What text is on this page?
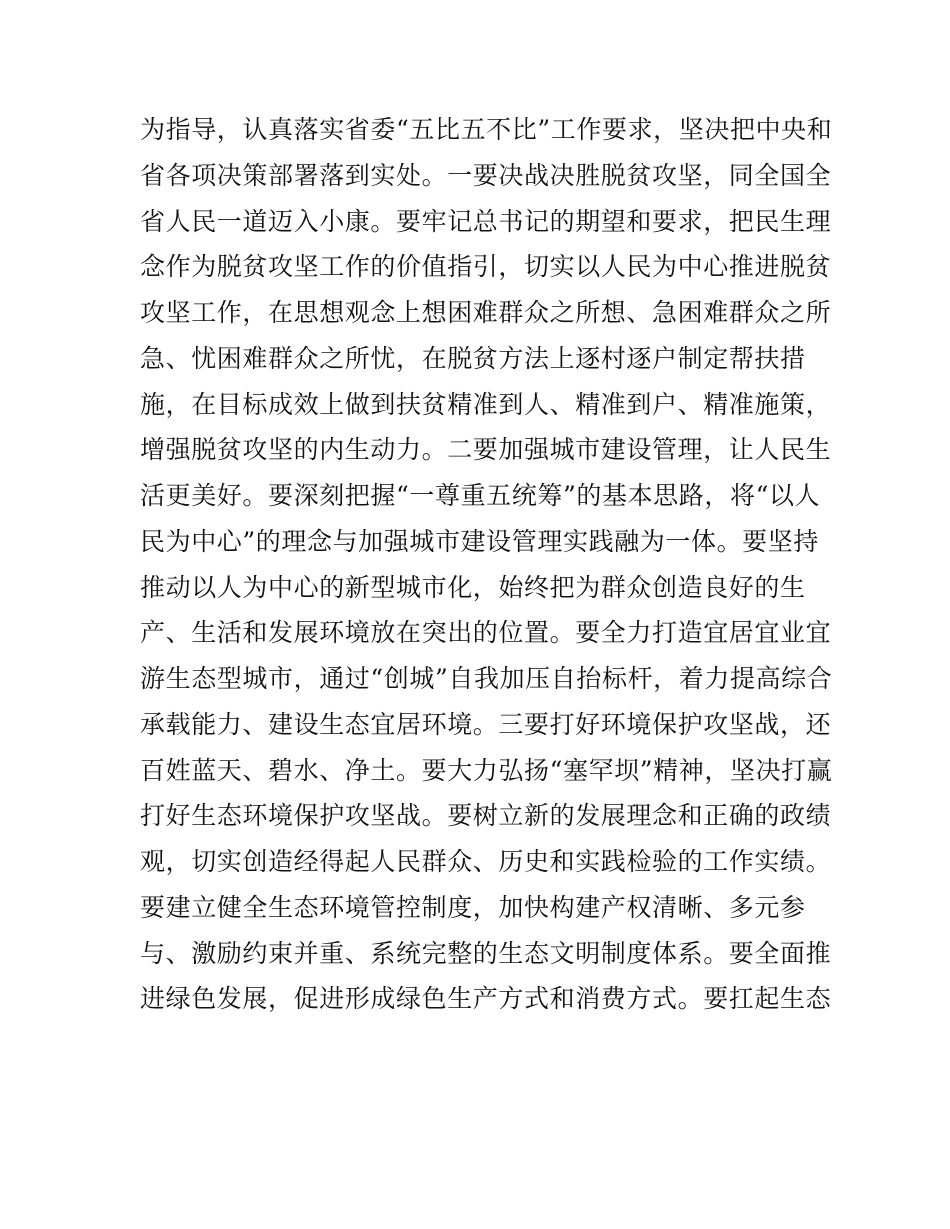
为指导，认真落实省委“五比五不比”工作要求，坚决把中央和
省各项决策部署落到实处。一要决战决胜脱贫攻坚，同全国全
省人民一道迈入小康。要牢记总书记的期望和要求，把民生理
念作为脱贫攻坚工作的价值指引，切实以人民为中心推进脱贫
攻坚工作，在思想观念上想困难群众之所想、急困难群众之所
急、忧困难群众之所忧，在脱贫方法上逐村逐户制定帮扶措
施，在目标成效上做到扶贫精准到人、精准到户、精准施策，
增强脱贫攻坚的内生动力。二要加强城市建设管理，让人民生
活更美好。要深刻把握“一尊重五统筹”的基本思路，将“以人
民为中心”的理念与加强城市建设管理实践融为一体。要坚持
推动以人为中心的新型城市化，始终把为群众创造良好的生
产、生活和发展环境放在突出的位置。要全力打造宜居宜业宜
游生态型城市，通过“创城”自我加压自抬标杆，着力提高综合
承载能力、建设生态宜居环境。三要打好环境保护攻坚战，还
百姓蓝天、碧水、净土。要大力弘扬“塞罕坝”精神，坚决打赢
打好生态环境保护攻坚战。要树立新的发展理念和正确的政绩
观，切实创造经得起人民群众、历史和实践检验的工作实绩。
要建立健全生态环境管控制度，加快构建产权清晰、多元参
与、激励约束并重、系统完整的生态文明制度体系。要全面推
进绿色发展，促进形成绿色生产方式和消费方式。要扛起生态
